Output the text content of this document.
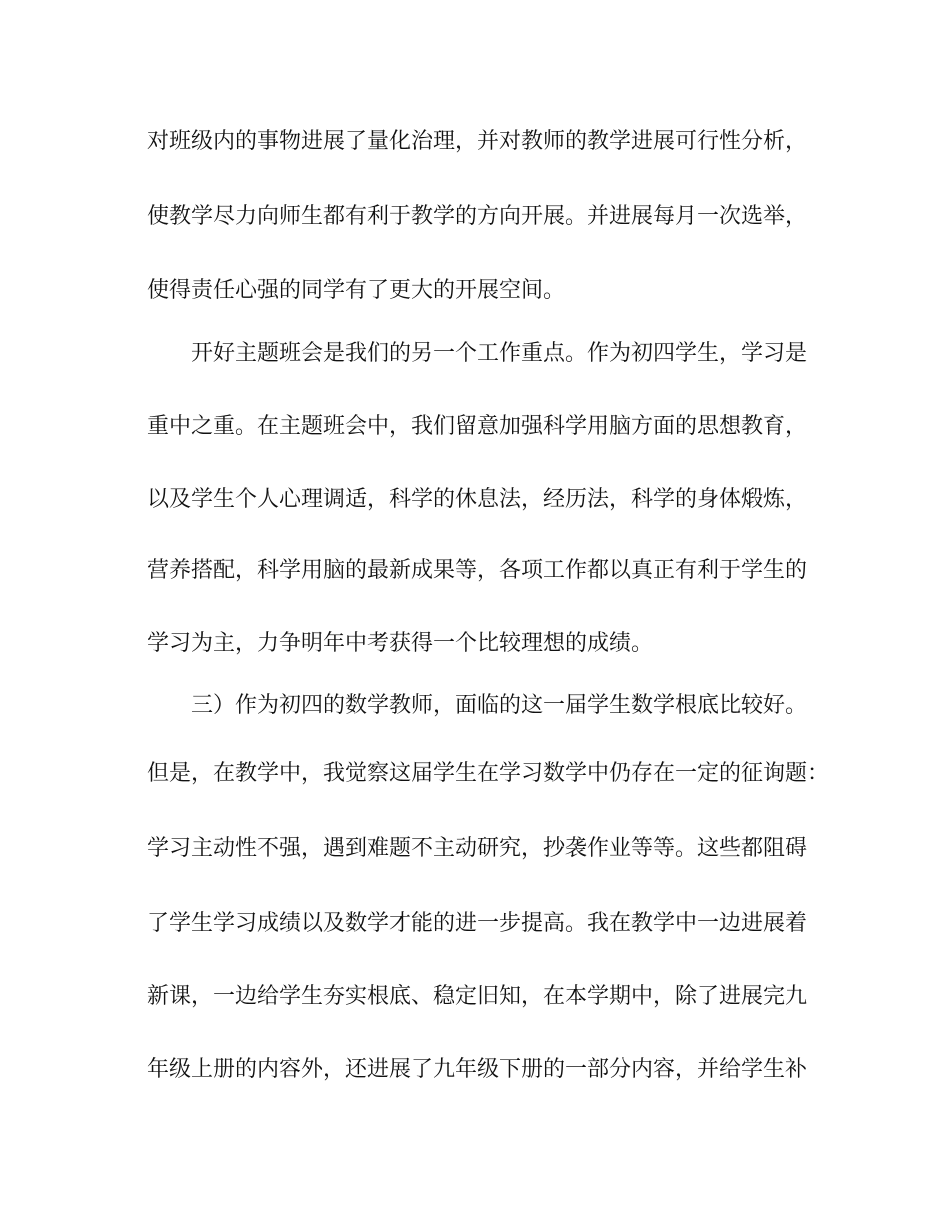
对班级内的事物进展了量化治理，并对教师的教学进展可行性分析，

使教学尽力向师生都有利于教学的方向开展。并进展每月一次选举，

使得责任心强的同学有了更大的开展空间。

开好主题班会是我们的另一个工作重点。作为初四学生，学习是

重中之重。在主题班会中，我们留意加强科学用脑方面的思想教育，

以及学生个人心理调适，科学的休息法，经历法，科学的身体煅炼，

营养搭配，科学用脑的最新成果等，各项工作都以真正有利于学生的

学习为主，力争明年中考获得一个比较理想的成绩。

三）作为初四的数学教师，面临的这一届学生数学根底比较好。

但是，在教学中，我觉察这届学生在学习数学中仍存在一定的征询题：

学习主动性不强，遇到难题不主动研究，抄袭作业等等。这些都阻碍

了学生学习成绩以及数学才能的进一步提高。我在教学中一边进展着

新课，一边给学生夯实根底、稳定旧知，在本学期中，除了进展完九

年级上册的内容外，还进展了九年级下册的一部分内容，并给学生补
